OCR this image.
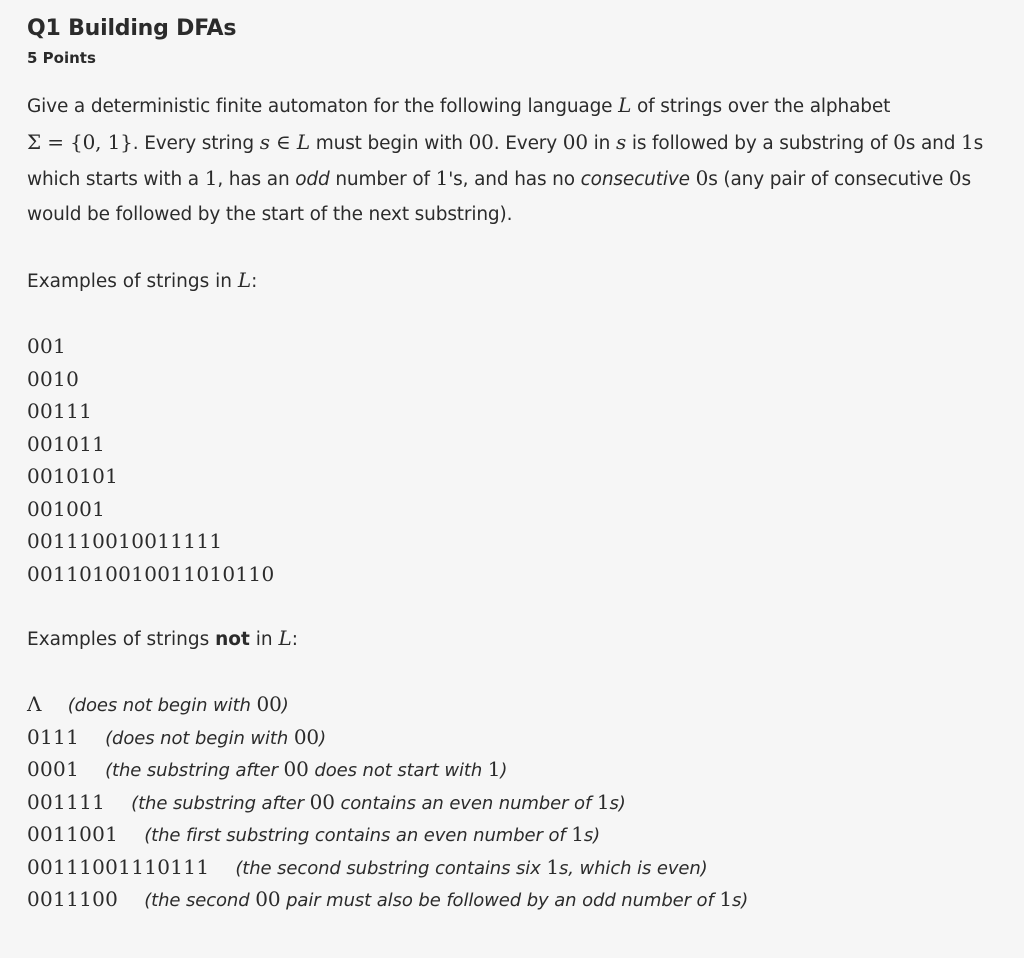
Q1 Building DFAs
5 Points
Give a deterministic finite automaton for the following language L of strings over the alphabet
Σ = {0, 1}. Every string s ∈ L must begin with 00. Every 00 in s is followed by a substring of 0s and 1s which starts with a 1, has an odd number of 1's, and has no consecutive 0s (any pair of consecutive 0s would be followed by the start of the next substring).
Examples of strings in L:
001
0010
00111
001011
0010101
001001
001110010011111
0011010010011010110
Examples of strings not in L:
Λ (does not begin with 00)
0111 (does not begin with 00)
0001 (the substring after 00 does not start with 1)
001111 (the substring after 00 contains an even number of 1s)
0011001 (the first substring contains an even number of 1s)
00111001110111 (the second substring contains six 1s, which is even)
0011100 (the second 00 pair must also be followed by an odd number of 1s)
